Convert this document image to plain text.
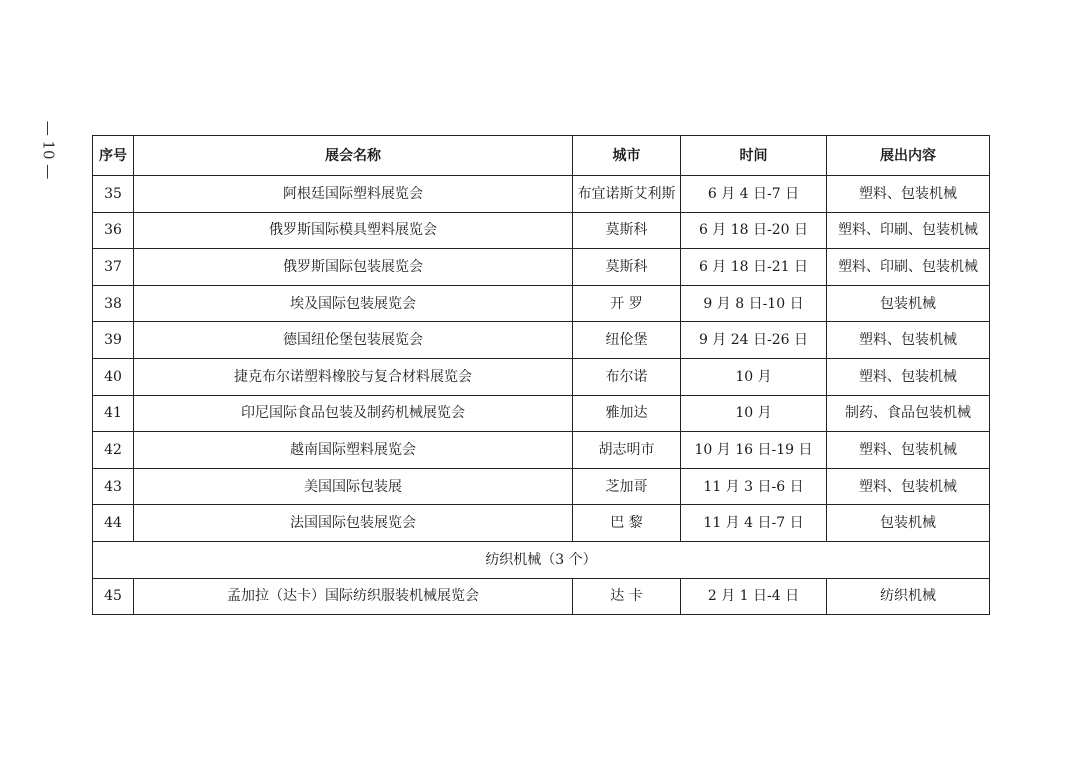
— 10 —	序号	展会名称	城市	时间	展出内容
35	阿根廷国际塑料展览会	布宜诺斯艾利斯	6 月 4 日-7 日	塑料、包装机械
36	俄罗斯国际模具塑料展览会	莫斯科	6 月 18 日-20 日	塑料、印刷、包装机械
37	俄罗斯国际包装展览会	莫斯科	6 月 18 日-21 日	塑料、印刷、包装机械
38	埃及国际包装展览会	开 罗	9 月 8 日-10 日	包装机械
39	德国纽伦堡包装展览会	纽伦堡	9 月 24 日-26 日	塑料、包装机械
40	捷克布尔诺塑料橡胶与复合材料展览会	布尔诺	10 月	塑料、包装机械
41	印尼国际食品包装及制药机械展览会	雅加达	10 月	制药、食品包装机械
42	越南国际塑料展览会	胡志明市	10 月 16 日-19 日	塑料、包装机械
43	美国国际包装展	芝加哥	11 月 3 日-6 日	塑料、包装机械
44	法国国际包装展览会	巴 黎	11 月 4 日-7 日	包装机械
纺织机械（3 个）				
45	孟加拉（达卡）国际纺织服装机械展览会	达 卡	2 月 1 日-4 日	纺织机械
